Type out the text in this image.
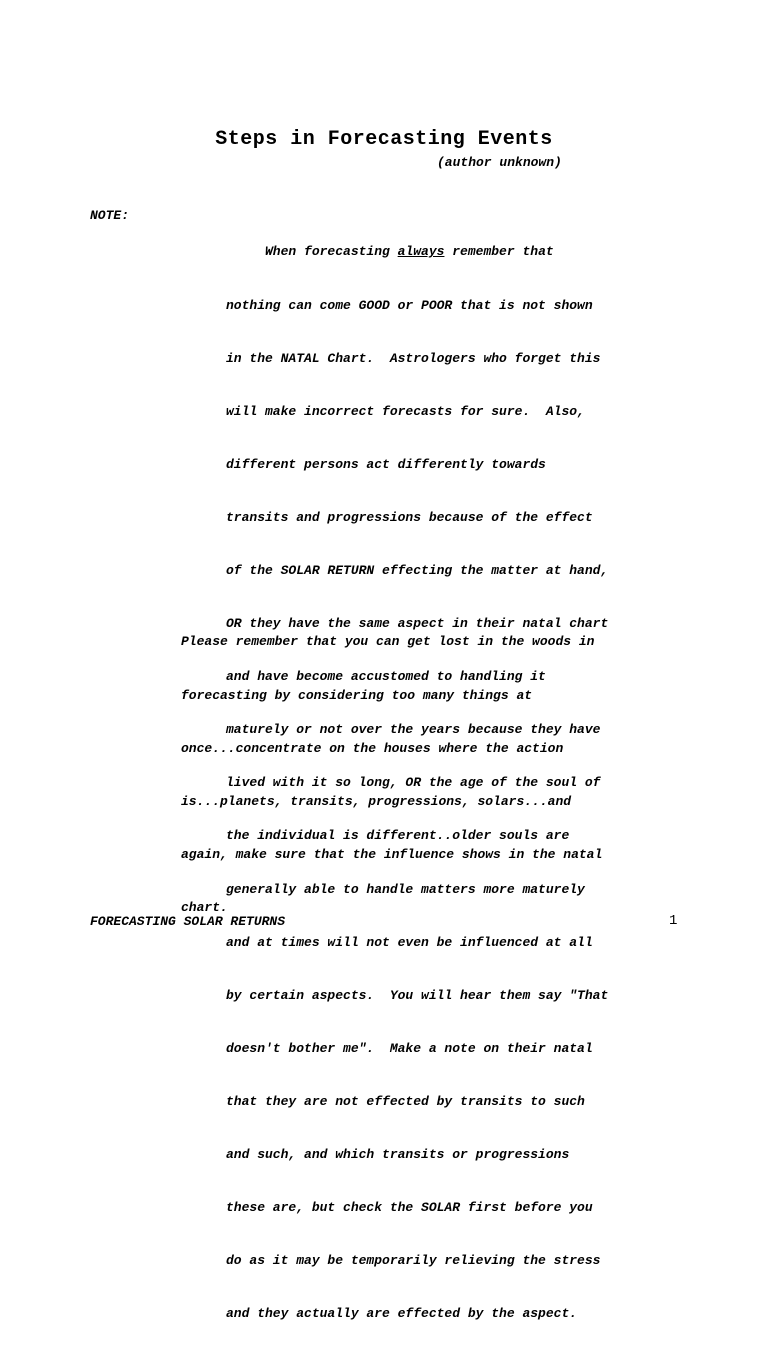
Steps in Forecasting Events
(author unknown)
NOTE:

When forecasting always remember that

nothing can come GOOD or POOR that is not shown

in the NATAL Chart.  Astrologers who forget this

will make incorrect forecasts for sure.  Also,

different persons act differently towards

transits and progressions because of the effect

of the SOLAR RETURN effecting the matter at hand,

OR they have the same aspect in their natal chart

and have become accustomed to handling it

maturely or not over the years because they have

lived with it so long, OR the age of the soul of

the individual is different..older souls are

generally able to handle matters more maturely

and at times will not even be influenced at all

by certain aspects.  You will hear them say "That

doesn't bother me".  Make a note on their natal

that they are not effected by transits to such

and such, and which transits or progressions

these are, but check the SOLAR first before you

do as it may be temporarily relieving the stress

and they actually are effected by the aspect.

Please remember that you can get lost in the woods in

forecasting by considering too many things at

once...concentrate on the houses where the action

is...planets, transits, progressions, solars...and

again, make sure that the influence shows in the natal

chart.

FORECASTING SOLAR RETURNS	1
